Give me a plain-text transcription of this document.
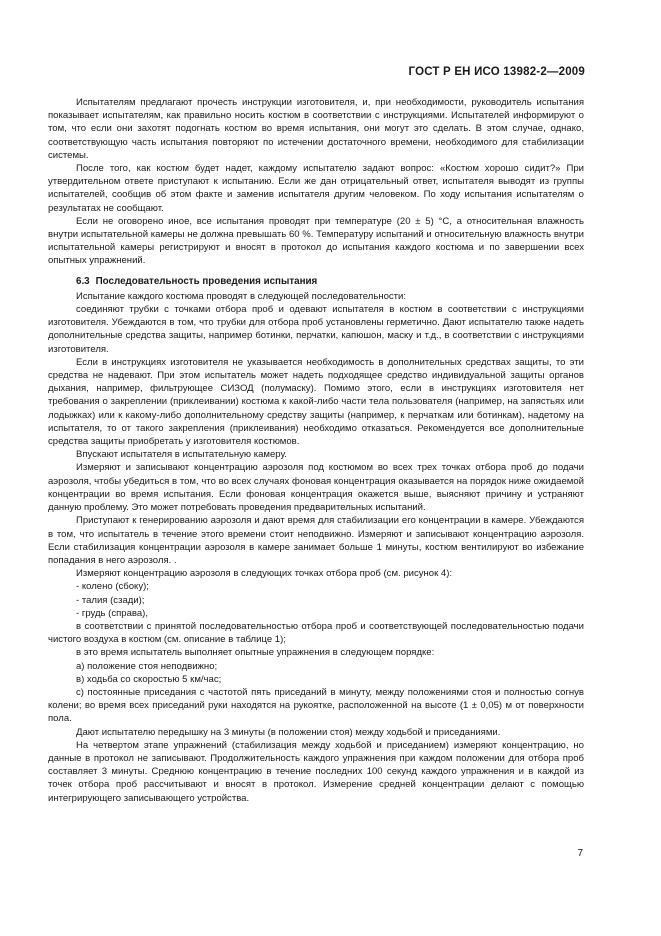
ГОСТ Р ЕН ИСО 13982-2—2009

Испытателям предлагают прочесть инструкции изготовителя, и, при необходимости, руководитель испытания показывает испытателям, как правильно носить костюм в соответствии с инструкциями. Испытателей информируют о том, что если они захотят подогнать костюм во время испытания, они могут это сделать. В этом случае, однако, соответствующую часть испытания повторяют по истечении достаточного времени, необходимого для стабилизации системы.

После того, как костюм будет надет, каждому испытателю задают вопрос: «Костюм хорошо сидит?» При утвердительном ответе приступают к испытанию. Если же дан отрицательный ответ, испытателя выводят из группы испытателей, сообщив об этом факте и заменив испытателя другим человеком. По ходу испытания испытателям о результатах не сообщают.

Если не оговорено иное, все испытания проводят при температуре (20 ± 5) °С, а относительная влажность внутри испытательной камеры не должна превышать 60 %. Температуру испытаний и относительную влажность внутри испытательной камеры регистрируют и вносят в протокол до испытания каждого костюма и по завершении всех опытных упражнений.

6.3 Последовательность проведения испытания

Испытание каждого костюма проводят в следующей последовательности:

соединяют трубки с точками отбора проб и одевают испытателя в костюм в соответствии с инструкциями изготовителя. Убеждаются в том, что трубки для отбора проб установлены герметично. Дают испытателю также надеть дополнительные средства защиты, например ботинки, перчатки, капюшон, маску и т.д., в соответствии с инструкциями изготовителя.

Если в инструкциях изготовителя не указывается необходимость в дополнительных средствах защиты, то эти средства не надевают. При этом испытатель может надеть подходящее средство индивидуальной защиты органов дыхания, например, фильтрующее СИЗОД (полумаску). Помимо этого, если в инструкциях изготовителя нет требования о закреплении (приклеивании) костюма к какой-либо части тела пользователя (например, на запястьях или лодыжках) или к какому-либо дополнительному средству защиты (например, к перчаткам или ботинкам), надетому на испытателя, то от такого закрепления (приклеивания) необходимо отказаться. Рекомендуется все дополнительные средства защиты приобретать у изготовителя костюмов.

Впускают испытателя в испытательную камеру.

Измеряют и записывают концентрацию аэрозоля под костюмом во всех трех точках отбора проб до подачи аэрозоля, чтобы убедиться в том, что во всех случаях фоновая концентрация оказывается на порядок ниже ожидаемой концентрации во время испытания. Если фоновая концентрация окажется выше, выясняют причину и устраняют данную проблему. Это может потребовать проведения предварительных испытаний.

Приступают к генерированию аэрозоля и дают время для стабилизации его концентрации в камере. Убеждаются в том, что испытатель в течение этого времени стоит неподвижно. Измеряют и записывают концентрацию аэрозоля. Если стабилизация концентрации аэрозоля в камере занимает больше 1 минуты, костюм вентилируют во избежание попадания в него аэрозоля. .

Измеряют концентрацию аэрозоля в следующих точках отбора проб (см. рисунок 4):

- колено (сбоку);

- талия (сзади);

- грудь (справа),

в соответствии с принятой последовательностью отбора проб и соответствующей последовательностью подачи чистого воздуха в костюм (см. описание в таблице 1);

в это время испытатель выполняет опытные упражнения в следующем порядке:

а) положение стоя неподвижно;

в) ходьба со скоростью 5 км/час;

с) постоянные приседания с частотой пять приседаний в минуту, между положениями стоя и полностью согнув колени; во время всех приседаний руки находятся на рукоятке, расположенной на высоте (1 ± 0,05) м от поверхности пола.

Дают испытателю передышку на 3 минуты (в положении стоя) между ходьбой и приседаниями.

На четвертом этапе упражнений (стабилизация между ходьбой и приседанием) измеряют концентрацию, но данные в протокол не записывают. Продолжительность каждого упражнения при каждом положении для отбора проб составляет 3 минуты. Среднюю концентрацию в течение последних 100 секунд каждого упражнения и в каждой из точек отбора проб рассчитывают и вносят в протокол. Измерение средней концентрации делают с помощью интегрирующего записывающего устройства.

7
